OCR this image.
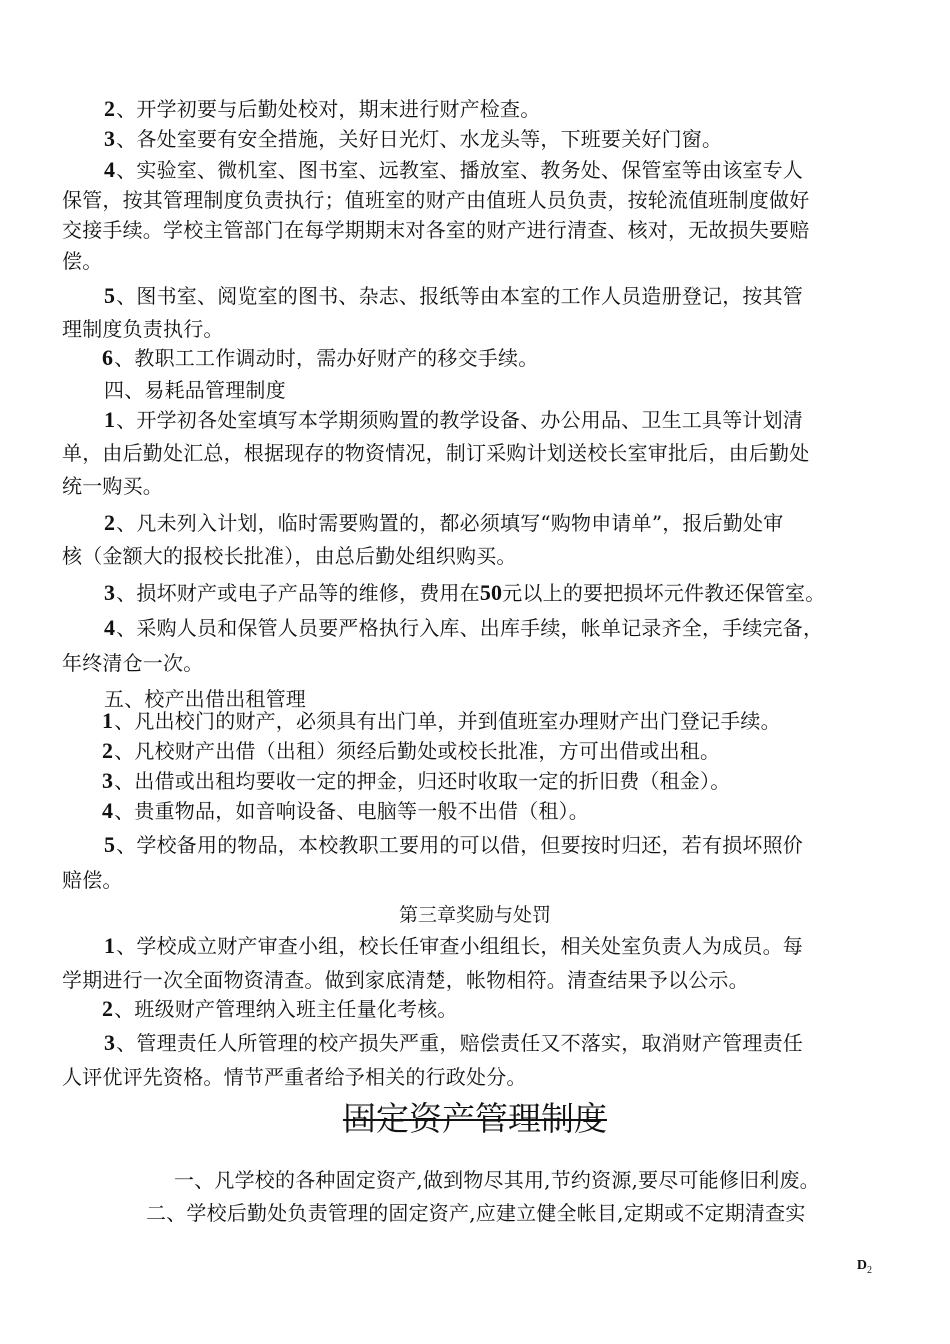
2、开学初要与后勤处校对，期末进行财产检查。
3、各处室要有安全措施，关好日光灯、水龙头等，下班要关好门窗。
4、实验室、微机室、图书室、远教室、播放室、教务处、保管室等由该室专人
保管，按其管理制度负责执行；值班室的财产由值班人员负责，按轮流值班制度做好
交接手续。学校主管部门在每学期期末对各室的财产进行清查、核对，无故损失要赔
偿。
5、图书室、阅览室的图书、杂志、报纸等由本室的工作人员造册登记，按其管
理制度负责执行。
6、教职工工作调动时，需办好财产的移交手续。
四、易耗品管理制度
1、开学初各处室填写本学期须购置的教学设备、办公用品、卫生工具等计划清
单，由后勤处汇总，根据现存的物资情况，制订采购计划送校长室审批后，由后勤处
统一购买。
2、凡未列入计划，临时需要购置的，都必须填写“购物申请单”，报后勤处审
核（金额大的报校长批准），由总后勤处组织购买。
3、损坏财产或电子产品等的维修，费用在50元以上的要把损坏元件教还保管室。
4、采购人员和保管人员要严格执行入库、出库手续，帐单记录齐全，手续完备，
年终清仓一次。
五、校产出借出租管理
1、凡出校门的财产，必须具有出门单，并到值班室办理财产出门登记手续。
2、凡校财产出借（出租）须经后勤处或校长批准，方可出借或出租。
3、出借或出租均要收一定的押金，归还时收取一定的折旧费（租金）。
4、贵重物品，如音响设备、电脑等一般不出借（租）。
5、学校备用的物品，本校教职工要用的可以借，但要按时归还，若有损坏照价
赔偿。
第三章奖励与处罚
1、学校成立财产审查小组，校长任审查小组组长，相关处室负责人为成员。每
学期进行一次全面物资清查。做到家底清楚，帐物相符。清查结果予以公示。
2、班级财产管理纳入班主任量化考核。
3、管理责任人所管理的校产损失严重，赔偿责任又不落实，取消财产管理责任
人评优评先资格。情节严重者给予相关的行政处分。
固定资产管理制度
一、凡学校的各种固定资产,做到物尽其用,节约资源,要尽可能修旧利废。
二、学校后勤处负责管理的固定资产,应建立健全帐目,定期或不定期清查实
$D_2$
